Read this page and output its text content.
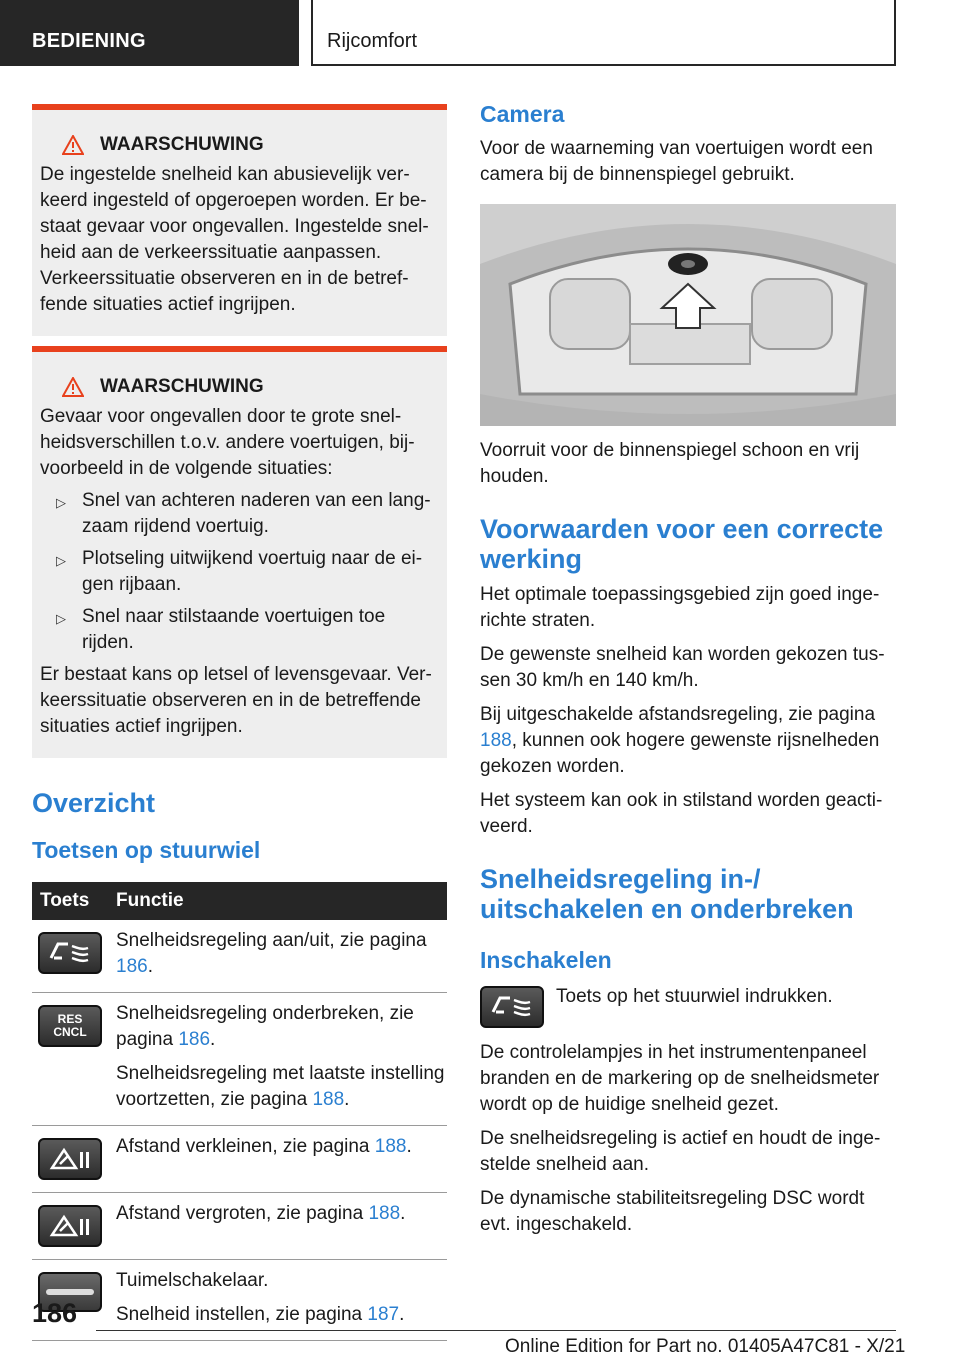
BEDIENING	Rijcomfort
WAARSCHUWING

De ingestelde snelheid kan abusievelijk verkeerd ingesteld of opgeroepen worden. Er bestaat gevaar voor ongevallen. Ingestelde snelheid aan de verkeerssituatie aanpassen. Verkeerssituatie observeren en in de betreffende situaties actief ingrijpen.

WAARSCHUWING

Gevaar voor ongevallen door te grote snelheidsverschillen t.o.v. andere voertuigen, bijvoorbeeld in de volgende situaties:

▷ Snel van achteren naderen van een langzaam rijdend voertuig.
▷ Plotseling uitwijkend voertuig naar de eigen rijbaan.
▷ Snel naar stilstaande voertuigen toe rijden.

Er bestaat kans op letsel of levensgevaar. Verkeerssituatie observeren en in de betreffende situaties actief ingrijpen.

Overzicht
Toetsen op stuurwiel
Toets	Functie

Snelheidsregeling aan/uit, zie pagina 186.

RES CNCL	Snelheidsregeling onderbreken, zie pagina 186.

Snelheidsregeling met laatste instelling voortzetten, zie pagina 188.

Afstand verkleinen, zie pagina 188.

Afstand vergroten, zie pagina 188.

	Tuimelschakelaar.

Snelheid instellen, zie pagina 187.

Camera

Voor de waarneming van voertuigen wordt een camera bij de binnenspiegel gebruikt.

Voorruit voor de binnenspiegel schoon en vrij houden.

Voorwaarden voor een correcte werking

Het optimale toepassingsgebied zijn goed ingerichte straten.

De gewenste snelheid kan worden gekozen tussen 30 km/h en 140 km/h.

Bij uitgeschakelde afstandsregeling, zie pagina 188, kunnen ook hogere gewenste rijsnelheden gekozen worden.

Het systeem kan ook in stilstand worden geactiveerd.

Snelheidsregeling in-/ uitschakelen en onderbreken
Inschakelen

Toets op het stuurwiel indrukken.

De controlelampjes in het instrumentenpaneel branden en de markering op de snelheidsmeter wordt op de huidige snelheid gezet.

De snelheidsregeling is actief en houdt de ingestelde snelheid aan.

De dynamische stabiliteitsregeling DSC wordt evt. ingeschakeld.

186
Online Edition for Part no. 01405A47C81 - X/21
